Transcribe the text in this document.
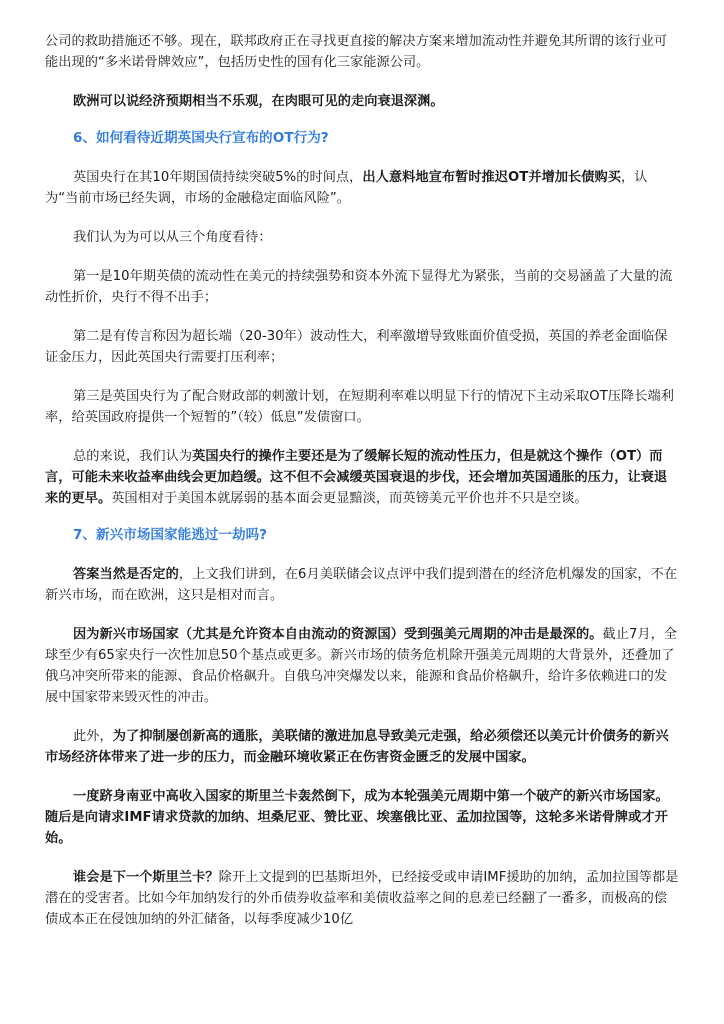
公司的救助措施还不够。现在，联邦政府正在寻找更直接的解决方案来增加流动性并避免其所谓的该行业可能出现的“多米诺骨牌效应”，包括历史性的国有化三家能源公司。

欧洲可以说经济预期相当不乐观，在肉眼可见的走向衰退深渊。

6、如何看待近期英国央行宣布的OT行为?

英国央行在其10年期国债持续突破5%的时间点，出人意料地宣布暂时推迟OT并增加长债购买，认为“当前市场已经失调，市场的金融稳定面临风险”。

我们认为为可以从三个角度看待：

第一是10年期英债的流动性在美元的持续强势和资本外流下显得尤为紧张，当前的交易涵盖了大量的流动性折价，央行不得不出手；

第二是有传言称因为超长端（20-30年）波动性大，利率激增导致账面价值受损，英国的养老金面临保证金压力，因此英国央行需要打压利率；

第三是英国央行为了配合财政部的刺激计划，在短期利率难以明显下行的情况下主动采取OT压降长端利率，给英国政府提供一个短暂的”（较）低息”发债窗口。

总的来说，我们认为英国央行的操作主要还是为了缓解长短的流动性压力，但是就这个操作（OT）而言，可能未来收益率曲线会更加趋缓。这不但不会减缓英国衰退的步伐，还会增加英国通胀的压力，让衰退来的更早。英国相对于美国本就孱弱的基本面会更显黯淡，而英镑美元平价也并不只是空谈。

7、新兴市场国家能逃过一劫吗?

答案当然是否定的，上文我们讲到，在6月美联储会议点评中我们提到潜在的经济危机爆发的国家，不在新兴市场，而在欧洲，这只是相对而言。

因为新兴市场国家（尤其是允许资本自由流动的资源国）受到强美元周期的冲击是最深的。截止7月，全球至少有65家央行一次性加息50个基点或更多。新兴市场的债务危机除开强美元周期的大背景外，还叠加了俄乌冲突所带来的能源、食品价格飙升。自俄乌冲突爆发以来，能源和食品价格飙升，给许多依赖进口的发展中国家带来毁灭性的冲击。

此外，为了抑制屡创新高的通胀，美联储的激进加息导致美元走强，给必须偿还以美元计价债务的新兴市场经济体带来了进一步的压力，而金融环境收紧正在伤害资金匮乏的发展中国家。

一度跻身南亚中高收入国家的斯里兰卡轰然倒下，成为本轮强美元周期中第一个破产的新兴市场国家。随后是向请求IMF请求贷款的加纳、坦桑尼亚、赞比亚、埃塞俄比亚、孟加拉国等，这轮多米诺骨牌或才开始。

谁会是下一个斯里兰卡？除开上文提到的巴基斯坦外，已经接受或申请IMF援助的加纳，孟加拉国等都是潜在的受害者。比如今年加纳发行的外币债券收益率和美债收益率之间的息差已经翻了一番多，而极高的偿债成本正在侵蚀加纳的外汇储备，以每季度减少10亿
